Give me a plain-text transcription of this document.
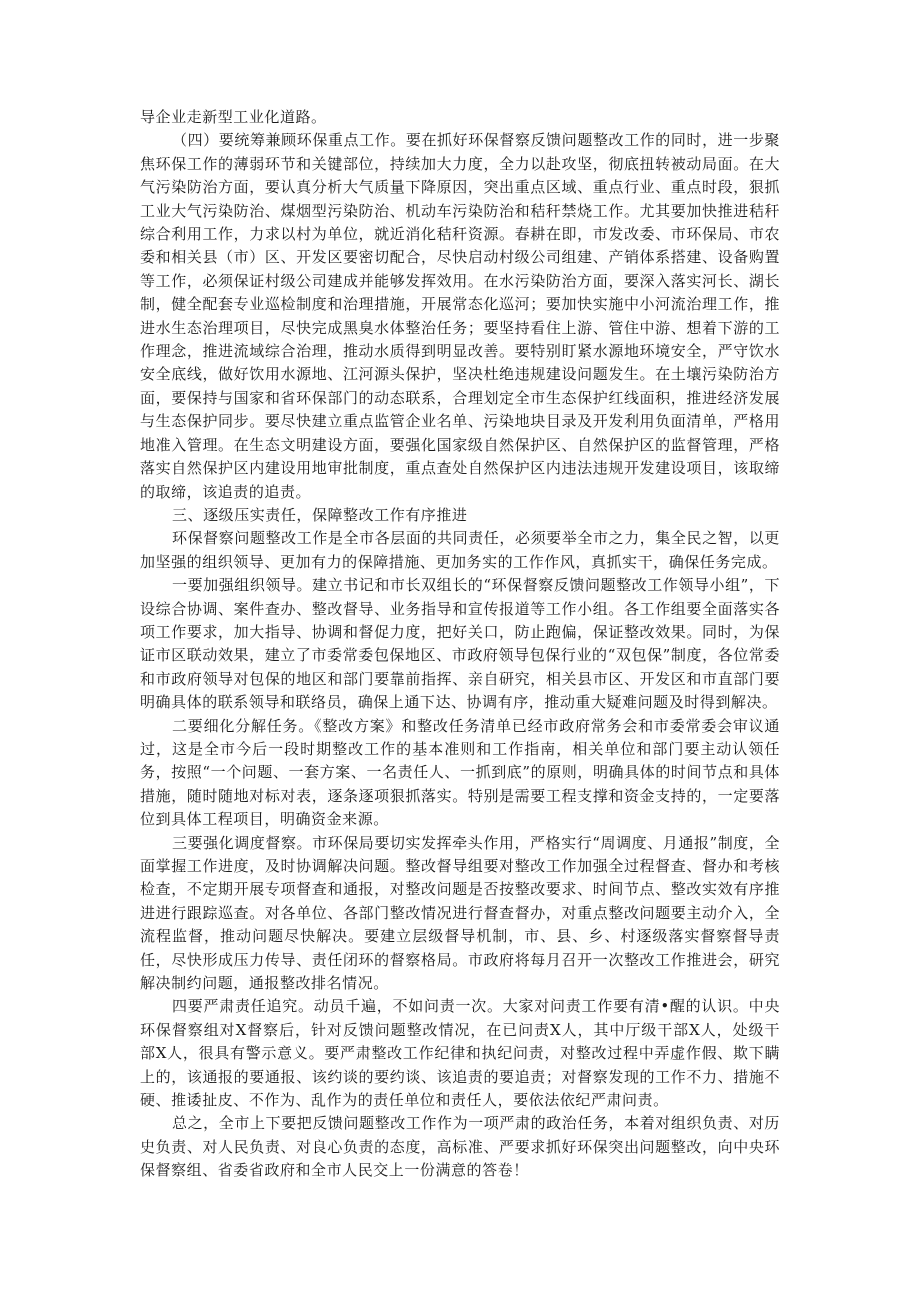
导企业走新型工业化道路。

（四）要统筹兼顾环保重点工作。要在抓好环保督察反馈问题整改工作的同时，进一步聚焦环保工作的薄弱环节和关键部位，持续加大力度，全力以赴攻坚，彻底扭转被动局面。在大气污染防治方面，要认真分析大气质量下降原因，突出重点区域、重点行业、重点时段，狠抓工业大气污染防治、煤烟型污染防治、机动车污染防治和秸秆禁烧工作。尤其要加快推进秸秆综合利用工作，力求以村为单位，就近消化秸秆资源。春耕在即，市发改委、市环保局、市农委和相关县（市）区、开发区要密切配合，尽快启动村级公司组建、产销体系搭建、设备购置等工作，必须保证村级公司建成并能够发挥效用。在水污染防治方面，要深入落实河长、湖长制，健全配套专业巡检制度和治理措施，开展常态化巡河；要加快实施中小河流治理工作，推进水生态治理项目，尽快完成黑臭水体整治任务；要坚持看住上游、管住中游、想着下游的工作理念，推进流域综合治理，推动水质得到明显改善。要特别盯紧水源地环境安全，严守饮水安全底线，做好饮用水源地、江河源头保护，坚决杜绝违规建设问题发生。在土壤污染防治方面，要保持与国家和省环保部门的动态联系，合理划定全市生态保护红线面积，推进经济发展与生态保护同步。要尽快建立重点监管企业名单、污染地块目录及开发利用负面清单，严格用地准入管理。在生态文明建设方面，要强化国家级自然保护区、自然保护区的监督管理，严格落实自然保护区内建设用地审批制度，重点查处自然保护区内违法违规开发建设项目，该取缔的取缔，该追责的追责。

三、逐级压实责任，保障整改工作有序推进

环保督察问题整改工作是全市各层面的共同责任，必须要举全市之力，集全民之智，以更加坚强的组织领导、更加有力的保障措施、更加务实的工作作风，真抓实干，确保任务完成。

一要加强组织领导。建立书记和市长双组长的“环保督察反馈问题整改工作领导小组”，下设综合协调、案件查办、整改督导、业务指导和宣传报道等工作小组。各工作组要全面落实各项工作要求，加大指导、协调和督促力度，把好关口，防止跑偏，保证整改效果。同时，为保证市区联动效果，建立了市委常委包保地区、市政府领导包保行业的“双包保”制度，各位常委和市政府领导对包保的地区和部门要靠前指挥、亲自研究，相关县市区、开发区和市直部门要明确具体的联系领导和联络员，确保上通下达、协调有序，推动重大疑难问题及时得到解决。

二要细化分解任务。《整改方案》和整改任务清单已经市政府常务会和市委常委会审议通过，这是全市今后一段时期整改工作的基本准则和工作指南，相关单位和部门要主动认领任务，按照“一个问题、一套方案、一名责任人、一抓到底”的原则，明确具体的时间节点和具体措施，随时随地对标对表，逐条逐项狠抓落实。特别是需要工程支撑和资金支持的，一定要落位到具体工程项目，明确资金来源。

三要强化调度督察。市环保局要切实发挥牵头作用，严格实行“周调度、月通报”制度，全面掌握工作进度，及时协调解决问题。整改督导组要对整改工作加强全过程督查、督办和考核检查，不定期开展专项督查和通报，对整改问题是否按整改要求、时间节点、整改实效有序推进进行跟踪巡查。对各单位、各部门整改情况进行督查督办，对重点整改问题要主动介入，全流程监督，推动问题尽快解决。要建立层级督导机制，市、县、乡、村逐级落实督察督导责任，尽快形成压力传导、责任闭环的督察格局。市政府将每月召开一次整改工作推进会，研究解决制约问题，通报整改排名情况。

四要严肃责任追究。动员千遍，不如问责一次。大家对问责工作要有清•醒的认识。中央环保督察组对X督察后，针对反馈问题整改情况，在已问责X人，其中厅级干部X人，处级干部X人，很具有警示意义。要严肃整改工作纪律和执纪问责，对整改过程中弄虚作假、欺下瞒上的，该通报的要通报、该约谈的要约谈、该追责的要追责；对督察发现的工作不力、措施不硬、推诿扯皮、不作为、乱作为的责任单位和责任人，要依法依纪严肃问责。

总之，全市上下要把反馈问题整改工作作为一项严肃的政治任务，本着对组织负责、对历史负责、对人民负责、对良心负责的态度，高标准、严要求抓好环保突出问题整改，向中央环保督察组、省委省政府和全市人民交上一份满意的答卷！
